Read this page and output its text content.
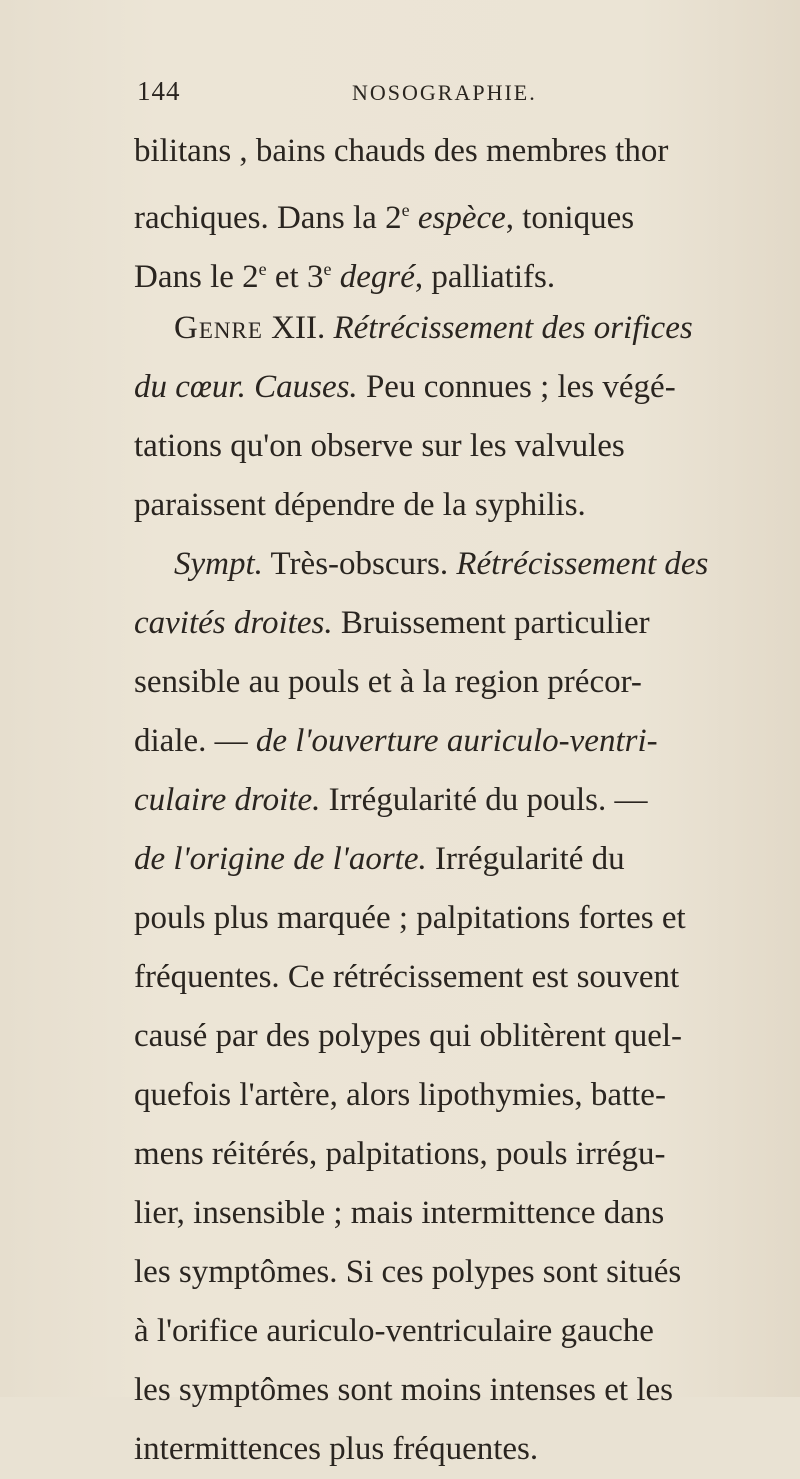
144	NOSOGRAPHIE.
bilitans , bains chauds des membres thor
rachiques. Dans la 2e espèce, toniques
Dans le 2e et 3e degré, palliatifs.
Genre XII. Rétrécissement des orifices
du cœur. Causes. Peu connues ; les végé-
tations qu'on observe sur les valvules
paraissent dépendre de la syphilis.
Sympt. Très-obscurs. Rétrécissement des
cavités droites. Bruissement particulier
sensible au pouls et à la region précor-
diale. — de l'ouverture auriculo-ventri-
culaire droite. Irrégularité du pouls. —
de l'origine de l'aorte. Irrégularité du
pouls plus marquée ; palpitations fortes et
fréquentes. Ce rétrécissement est souvent
causé par des polypes qui oblitèrent quel-
quefois l'artère, alors lipothymies, batte-
mens réitérés, palpitations, pouls irrégu-
lier, insensible ; mais intermittence dans
les symptômes. Si ces polypes sont situés
à l'orifice auriculo-ventriculaire gauche
les symptômes sont moins intenses et les
intermittences plus fréquentes.
